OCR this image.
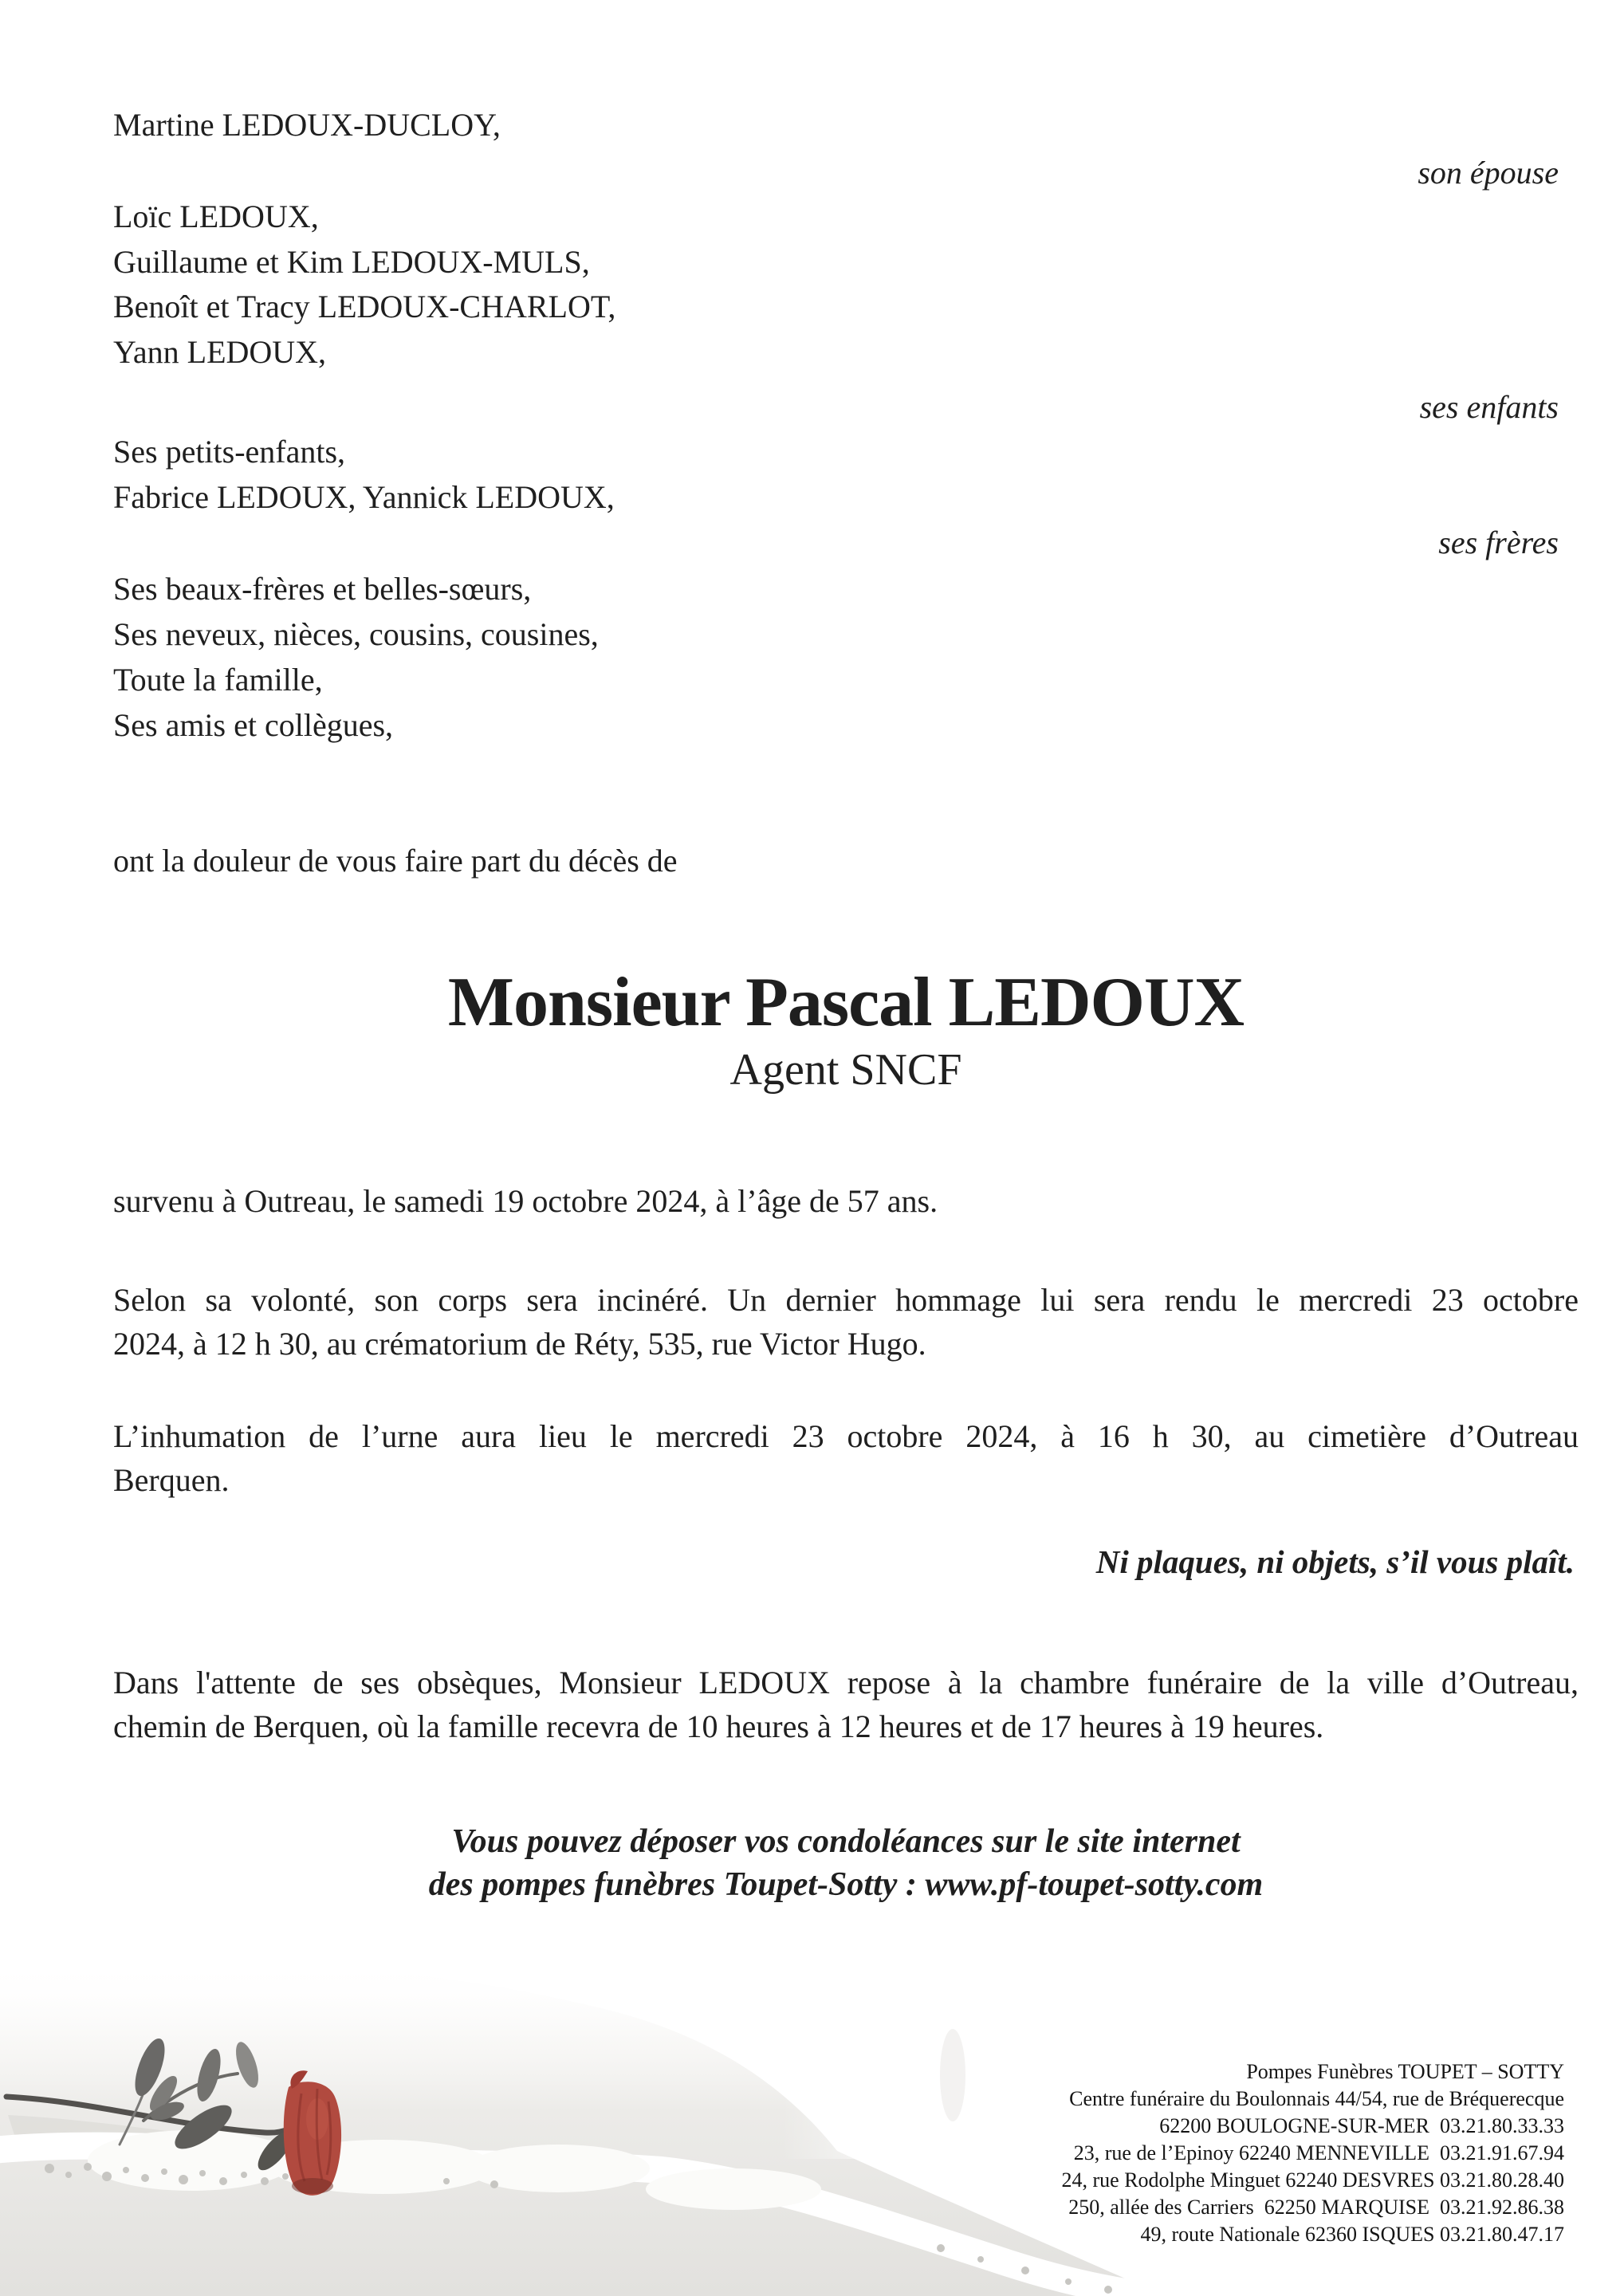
Martine LEDOUX-DUCLOY,
son épouse
Loïc LEDOUX,
Guillaume et Kim LEDOUX-MULS,
Benoît et Tracy LEDOUX-CHARLOT,
Yann LEDOUX,
ses enfants
Ses petits-enfants,
Fabrice LEDOUX, Yannick LEDOUX,
ses frères
Ses beaux-frères et belles-sœurs,
Ses neveux, nièces, cousins, cousines,
Toute la famille,
Ses amis et collègues,
ont la douleur de vous faire part du décès de
Monsieur Pascal LEDOUX
Agent SNCF
survenu à Outreau, le samedi 19 octobre 2024, à l’âge de 57 ans.
Selon sa volonté, son corps sera incinéré. Un dernier hommage lui sera rendu le mercredi 23 octobre
2024, à 12 h 30, au crématorium de Réty, 535, rue Victor Hugo.
L’inhumation de l’urne aura lieu le mercredi 23 octobre 2024, à 16 h 30, au cimetière d’Outreau
Berquen.
Ni plaques, ni objets, s’il vous plaît.
Dans l'attente de ses obsèques, Monsieur LEDOUX repose à la chambre funéraire de la ville d’Outreau,
chemin de Berquen, où la famille recevra de 10 heures à 12 heures et de 17 heures à 19 heures.
Vous pouvez déposer vos condoléances sur le site internet
des pompes funèbres Toupet-Sotty : www.pf-toupet-sotty.com
Pompes Funèbres TOUPET – SOTTY
Centre funéraire du Boulonnais 44/54, rue de Bréquerecque
62200 BOULOGNE-SUR-MER  03.21.80.33.33
23, rue de l’Epinoy 62240 MENNEVILLE  03.21.91.67.94
24, rue Rodolphe Minguet 62240 DESVRES 03.21.80.28.40
250, allée des Carriers  62250 MARQUISE  03.21.92.86.38
49, route Nationale 62360 ISQUES 03.21.80.47.17
